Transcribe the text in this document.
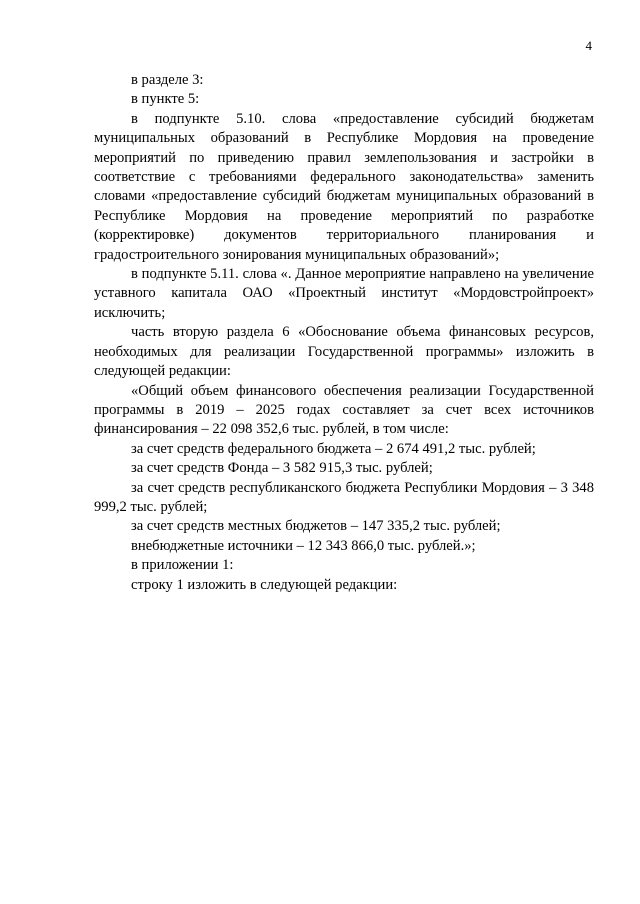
4

в разделе 3:

в пункте 5:

в подпункте 5.10. слова «предоставление субсидий бюджетам муниципальных образований в Республике Мордовия на проведение мероприятий по приведению правил землепользования и застройки в соответствие с требованиями федерального законодательства» заменить словами «предоставление субсидий бюджетам муниципальных образований в Республике Мордовия на проведение мероприятий по разработке (корректировке) документов территориального планирования и градостроительного зонирования муниципальных образований»;

в подпункте 5.11. слова «. Данное мероприятие направлено на увеличение уставного капитала ОАО «Проектный институт «Мордовстройпроект» исключить;

часть вторую раздела 6 «Обоснование объема финансовых ресурсов, необходимых для реализации Государственной программы» изложить в следующей редакции:

«Общий объем финансового обеспечения реализации Государственной программы в 2019 – 2025 годах составляет за счет всех источников финансирования – 22 098 352,6 тыс. рублей, в том числе:

за счет средств федерального бюджета – 2 674 491,2 тыс. рублей;

за счет средств Фонда – 3 582 915,3 тыс. рублей;

за счет средств республиканского бюджета Республики Мордовия – 3 348 999,2 тыс. рублей;

за счет средств местных бюджетов – 147 335,2 тыс. рублей;

внебюджетные источники – 12 343 866,0 тыс. рублей.»;

в приложении 1:

строку 1 изложить в следующей редакции:
